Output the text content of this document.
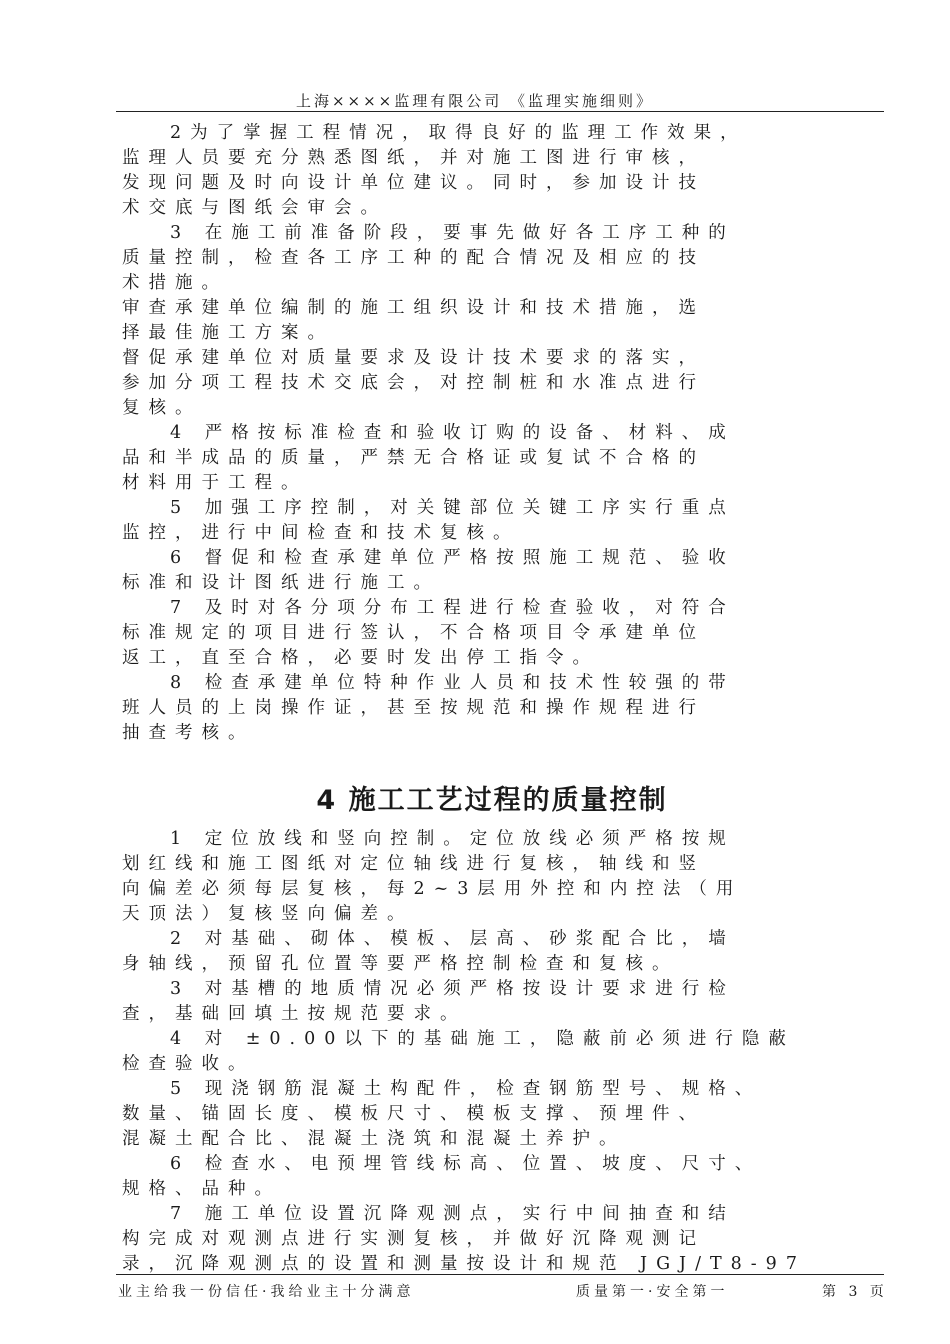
上海××××监理有限公司 《监理实施细则》
2为了掌握工程情况，取得良好的监理工作效果，
监理人员要充分熟悉图纸，并对施工图进行审核，
发现问题及时向设计单位建议。同时，参加设计技
术交底与图纸会审会。
3 在施工前准备阶段，要事先做好各工序工种的
质量控制，检查各工序工种的配合情况及相应的技
术措施。
审查承建单位编制的施工组织设计和技术措施，选
择最佳施工方案。
督促承建单位对质量要求及设计技术要求的落实，
参加分项工程技术交底会，对控制桩和水准点进行
复核。
4 严格按标准检查和验收订购的设备、材料、成
品和半成品的质量，严禁无合格证或复试不合格的
材料用于工程。
5 加强工序控制，对关键部位关键工序实行重点
监控，进行中间检查和技术复核。
6 督促和检查承建单位严格按照施工规范、验收
标准和设计图纸进行施工。
7 及时对各分项分布工程进行检查验收，对符合
标准规定的项目进行签认，不合格项目令承建单位
返工，直至合格，必要时发出停工指令。
8 检查承建单位特种作业人员和技术性较强的带
班人员的上岗操作证，甚至按规范和操作规程进行
抽查考核。
4 施工工艺过程的质量控制
1 定位放线和竖向控制。定位放线必须严格按规
划红线和施工图纸对定位轴线进行复核，轴线和竖
向偏差必须每层复核，每2~3层用外控和内控法（用
天顶法）复核竖向偏差。
2 对基础、砌体、模板、层高、砂浆配合比，墙
身轴线，预留孔位置等要严格控制检查和复核。
3 对基槽的地质情况必须严格按设计要求进行检
查，基础回填土按规范要求。
4 对 ±0.00以下的基础施工，隐蔽前必须进行隐蔽
检查验收。
5 现浇钢筋混凝土构配件，检查钢筋型号、规格、
数量、锚固长度、模板尺寸、模板支撑、预埋件、
混凝土配合比、混凝土浇筑和混凝土养护。
6 检查水、电预埋管线标高、位置、坡度、尺寸、
规格、品种。
7 施工单位设置沉降观测点，实行中间抽查和结
构完成对观测点进行实测复核，并做好沉降观测记
录，沉降观测点的设置和测量按设计和规范 JGJ/T8-97
业主给我一份信任·我给业主十分满意	质量第一·安全第一	第 3 页
